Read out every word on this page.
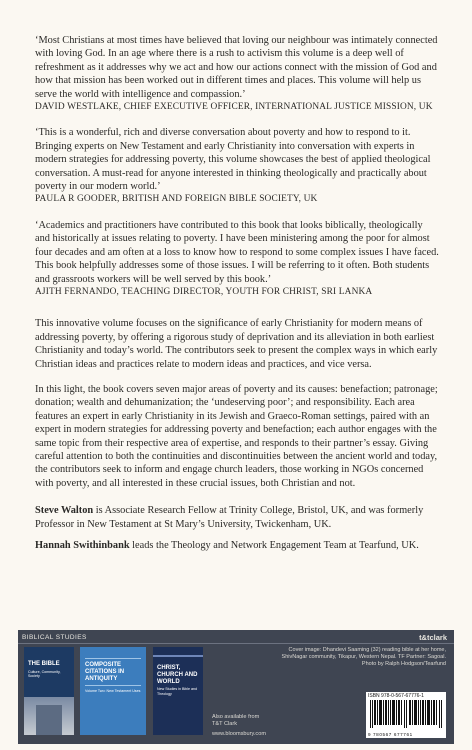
‘Most Christians at most times have believed that loving our neighbour was intimately connected with loving God. In an age where there is a rush to activism this volume is a deep well of refreshment as it addresses why we act and how our actions connect with the mission of God and how that mission has been worked out in different times and places. This volume will help us serve the world with intelligence and compassion.’
DAVID WESTLAKE, CHIEF EXECUTIVE OFFICER, INTERNATIONAL JUSTICE MISSION, UK

‘This is a wonderful, rich and diverse conversation about poverty and how to respond to it. Bringing experts on New Testament and early Christianity into conversation with experts in modern strategies for addressing poverty, this volume showcases the best of applied theological conversation. A must-read for anyone interested in thinking theologically and practically about poverty in our modern world.’
PAULA R GOODER, BRITISH AND FOREIGN BIBLE SOCIETY, UK

‘Academics and practitioners have contributed to this book that looks biblically, theologically and historically at issues relating to poverty. I have been ministering among the poor for almost four decades and am often at a loss to know how to respond to some complex issues I have faced. This book helpfully addresses some of those issues. I will be referring to it often. Both students and grassroots workers will be well served by this book.’
AJITH FERNANDO, TEACHING DIRECTOR, YOUTH FOR CHRIST, SRI LANKA

This innovative volume focuses on the significance of early Christianity for modern means of addressing poverty, by offering a rigorous study of deprivation and its alleviation in both earliest Christianity and today’s world. The contributors seek to present the complex ways in which early Christian ideas and practices relate to modern ideas and practices, and vice versa.

In this light, the book covers seven major areas of poverty and its causes: benefaction; patronage; donation; wealth and dehumanization; the ‘undeserving poor’; and responsibility. Each area features an expert in early Christianity in its Jewish and Graeco-Roman settings, paired with an expert in modern strategies for addressing poverty and benefaction; each author engages with the same topic from their respective area of expertise, and responds to their partner’s essay. Giving careful attention to both the continuities and discontinuities between the ancient world and today, the contributors seek to inform and engage church leaders, those working in NGOs concerned with poverty, and all interested in these crucial issues, both Christian and not.

Steve Walton is Associate Research Fellow at Trinity College, Bristol, UK, and was formerly Professor in New Testament at St Mary’s University, Twickenham, UK.

Hannah Swithinbank leads the Theology and Network Engagement Team at Tearfund, UK.

BIBLICAL STUDIES	t&tclark
THE BIBLE
Culture, Community, Society
COMPOSITE CITATIONS IN ANTIQUITY
Volume Two: New Testament Uses
CHRIST, CHURCH AND WORLD
New Studies in Bible and Theology
Also available from T&T Clark
www.bloomsbury.com
Cover image: Dhandevi Saaming (32) reading bible at her home, ShivNagar community, Tikapur, Western Nepal. TF Partner: Sagoal. Photo by Ralph Hodgson/Tearfund
ISBN 978-0-567-67776-1
9 780567 677761
